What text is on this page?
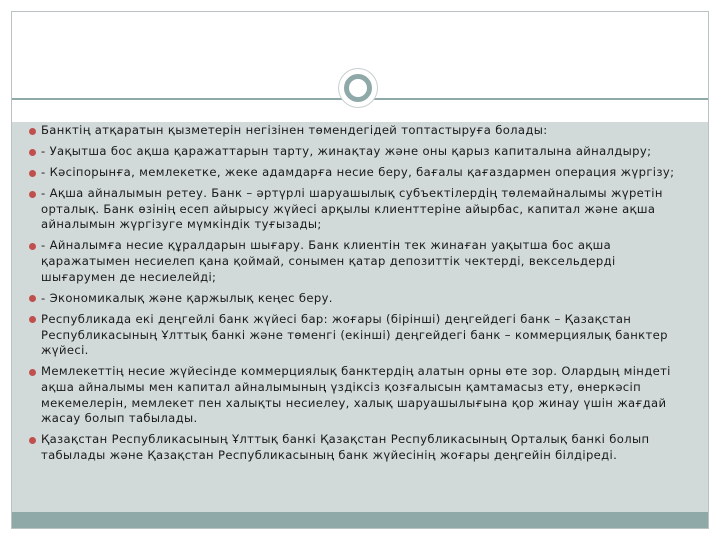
Банктің атқаратын қызметерін негізінен төмендегідей топтастыруға болады:
- Уақытша бос ақша қаражаттарын тарту, жинақтау және оны қарыз капиталына айналдыру;
- Кәсіпорынға, мемлекетке, жеке адамдарға несие беру, бағалы қағаздармен операция жүргізу;
- Ақша айналымын ретеу. Банк – әртүрлі шаруашылық субъектілердің төлемайналымы жүретін орталық. Банк өзінің есеп айырысу жүйесі арқылы клиенттеріне айырбас, капитал және ақша айналымын жүргізуге мүмкіндік туғызады;
- Айналымға несие құралдарын шығару. Банк клиентін тек жинаған уақытша бос ақша қаражатымен несиелеп қана қоймай, сонымен қатар депозиттік чектерді, вексельдерді шығарумен де несиелейді;
- Экономикалық және қаржылық кеңес беру.
Республикада екі деңгейлі банк жүйесі бар: жоғары (бірінші) деңгейдегі банк – Қазақстан Республикасының Ұлттық банкі және төменгі (екінші) деңгейдегі банк – коммерциялық банктер жүйесі.
Мемлекеттің несие жүйесінде коммерциялық банктердің алатын орны өте зор. Олардың міндеті ақша айналымы мен капитал айналымының үздіксіз қозғалысын қамтамасыз ету, өнеркәсіп мекемелерін, мемлекет пен халықты несиелеу, халық шаруашылығына қор жинау үшін жағдай жасау болып табылады.
Қазақстан Республикасының Ұлттық банкі Қазақстан Республикасының Орталық банкі болып табылады және Қазақстан Республикасының банк жүйесінің жоғары деңгейін білдіреді.
